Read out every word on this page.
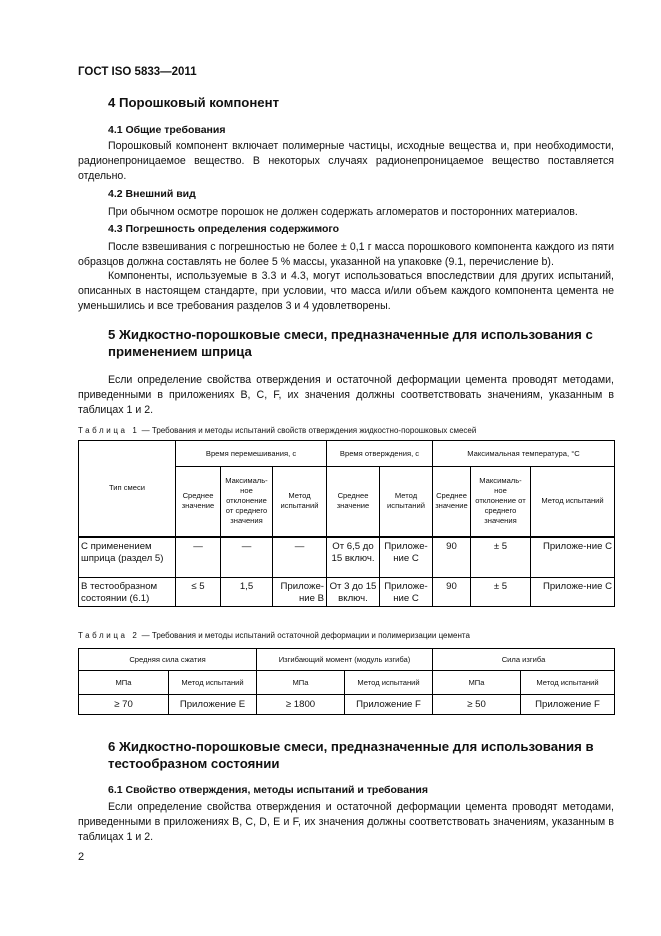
ГОСТ ISO 5833—2011
4 Порошковый компонент
4.1 Общие требования
Порошковый компонент включает полимерные частицы, исходные вещества и, при необходимости, радионепроницаемое вещество. В некоторых случаях радионепроницаемое вещество поставляется отдельно.
4.2 Внешний вид
При обычном осмотре порошок не должен содержать агломератов и посторонних материалов.
4.3 Погрешность определения содержимого
После взвешивания с погрешностью не более ± 0,1 г масса порошкового компонента каждого из пяти образцов должна составлять не более 5 % массы, указанной на упаковке (9.1, перечисление b).
Компоненты, используемые в 3.3 и 4.3, могут использоваться впоследствии для других испытаний, описанных в настоящем стандарте, при условии, что масса и/или объем каждого компонента цемента не уменьшились и все требования разделов 3 и 4 удовлетворены.
5 Жидкостно-порошковые смеси, предназначенные для использования с применением шприца
Если определение свойства отверждения и остаточной деформации цемента проводят методами, приведенными в приложениях B, C, F, их значения должны соответствовать значениям, указанным в таблицах 1 и 2.
Таблица 1 — Требования и методы испытаний свойств отверждения жидкостно-порошковых смесей
Тип смеси	Время перемешивания, с			Время отверждения, с		Максимальная температура, °С		
	Среднее значение	Максималь-ное отклонение от среднего значения	Метод испытаний	Среднее значение	Метод испытаний	Среднее значение	Максималь-ное отклонение от среднего значения	Метод испытаний
С применением шприца (раздел 5)	—	—	—	От 6,5 до 15 включ.	Приложе-ние C	90	± 5	Приложе-ние C
В тестообразном состоянии (6.1)	≤ 5	1,5	Приложе-ние B	От 3 до 15 включ.	Приложе-ние C	90	± 5	Приложе-ние C
Таблица 2 — Требования и методы испытаний остаточной деформации и полимеризации цемента
Средняя сила сжатия		Изгибающий момент (модуль изгиба)		Сила изгиба	
МПа	Метод испытаний	МПа	Метод испытаний	МПа	Метод испытаний
≥ 70	Приложение E	≥ 1800	Приложение F	≥ 50	Приложение F
6 Жидкостно-порошковые смеси, предназначенные для использования в тестообразном состоянии
6.1 Свойство отверждения, методы испытаний и требования
Если определение свойства отверждения и остаточной деформации цемента проводят методами, приведенными в приложениях B, C, D, E и F, их значения должны соответствовать значениям, указанным в таблицах 1 и 2.
2
